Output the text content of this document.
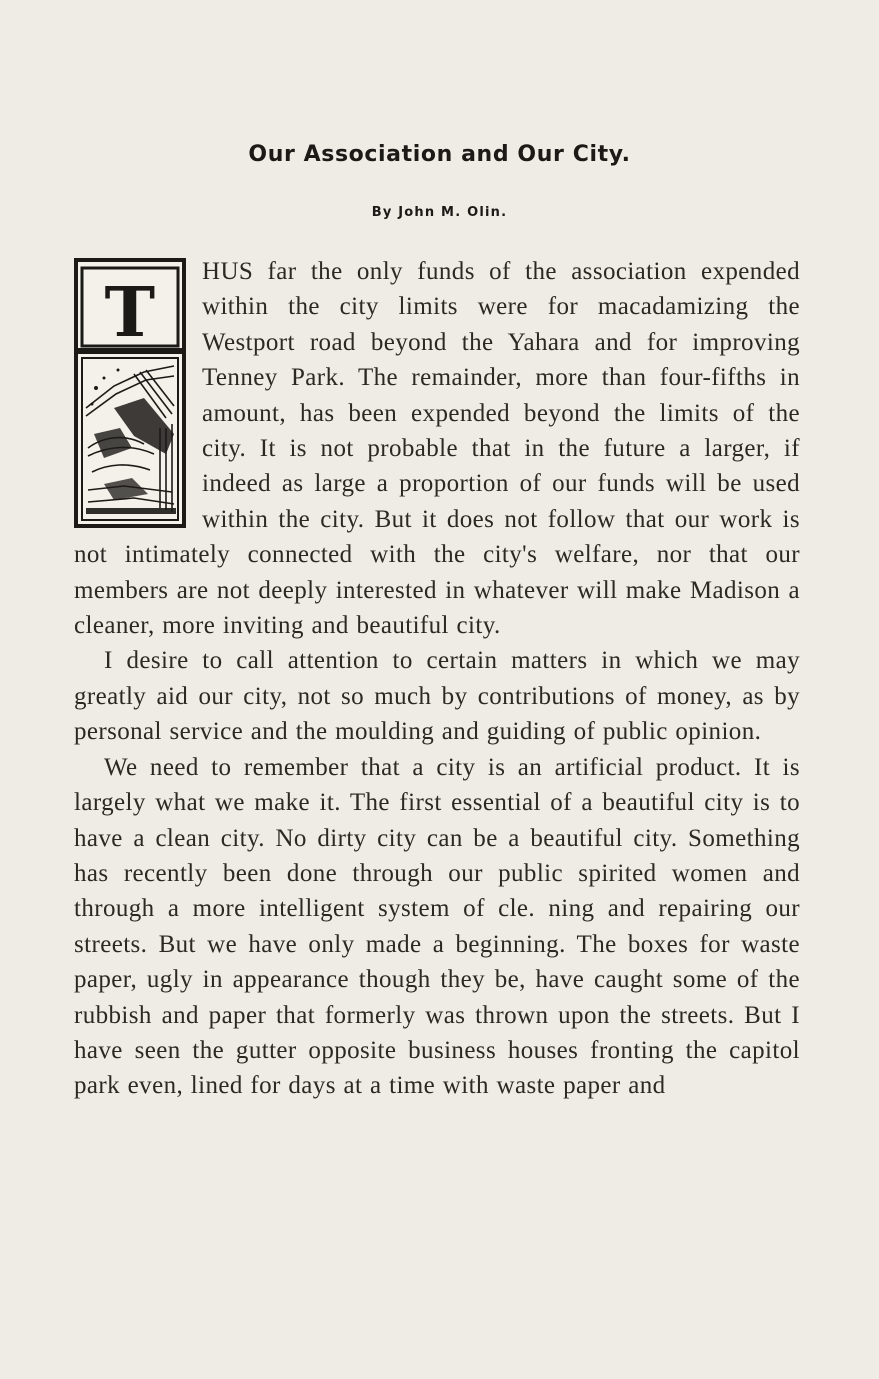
Our Association and Our City.
By John M. Olin.
T

HUS far the only funds of the association expended within the city limits were for macadamizing the Westport road beyond the Yahara and for improving Tenney Park. The remainder, more than four-fifths in amount, has been expended beyond the limits of the city. It is not probable that in the future a larger, if indeed as large a proportion of our funds will be used within the city. But it does not follow that our work is not intimately connected with the city's welfare, nor that our members are not deeply interested in whatever will make Madison a cleaner, more inviting and beautiful city.

I desire to call attention to certain matters in which we may greatly aid our city, not so much by contributions of money, as by personal service and the moulding and guiding of public opinion.

We need to remember that a city is an artificial product. It is largely what we make it. The first essential of a beautiful city is to have a clean city. No dirty city can be a beautiful city. Something has recently been done through our public spirited women and through a more intelligent system of cle. ning and repairing our streets. But we have only made a beginning. The boxes for waste paper, ugly in appearance though they be, have caught some of the rubbish and paper that formerly was thrown upon the streets. But I have seen the gutter opposite business houses fronting the capitol park even, lined for days at a time with waste paper and
